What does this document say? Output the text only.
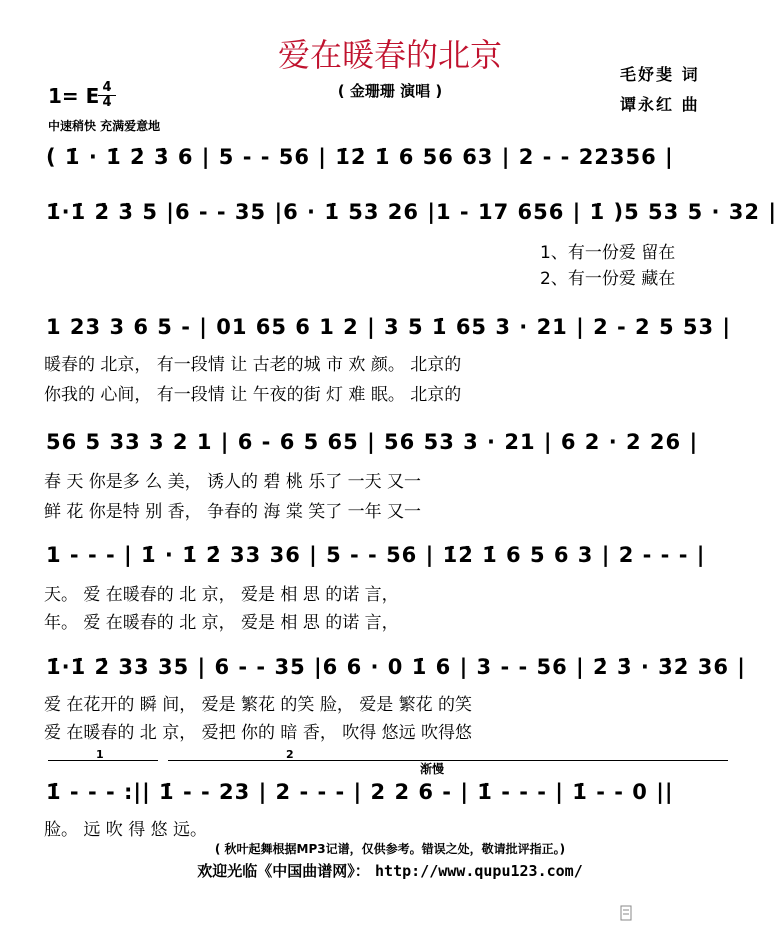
爱在暖春的北京
( 金珊珊 演唱 )
毛妤斐 词
谭永红 曲
1= E 4
4
中速稍快 充满爱意地
( 1̇ · 1̇ 2̇ 3̇ 6 | 5 - - 56 | 1̇2̇ 1̇ 6 56 63 | 2 - - 22356 |
1̇·1̇ 2̇ 3̇ 5 |6 - - 35 |6 · 1̇ 53 26 |1 - 17 656 | 1̇ )5 53 5 · 32 |
1、有一份爱 留在
2、有一份爱 藏在
1 23 3 6 5 - | 01 65 6 1 2 | 3 5 1̇ 65 3 · 21 | 2 - 2 5 53 |
暖春的 北京， 有一段情 让 古老的城 市 欢 颜。 北京的
你我的 心间， 有一段情 让 午夜的街 灯 难 眠。 北京的
56 5 33 3 2 1 | 6 - 6 5 65 | 56 53 3 · 21 | 6 2 · 2 26 |
春 天 你是多 么 美， 诱人的 碧 桃 乐了 一天 又一
鲜 花 你是特 别 香， 争春的 海 棠 笑了 一年 又一
1 - - - | 1̇ · 1̇ 2̇ 33 36 | 5 - - 56 | 1̇2̇ 1̇ 6 5 6 3 | 2 - - - |
天。 爱 在暖春的 北 京， 爱是 相 思 的诺 言，
年。 爱 在暖春的 北 京， 爱是 相 思 的诺 言，
1̇·1̇ 2̇ 33 35 | 6 - - 35 |6 6 · 0 1̇ 6 | 3 - - 56 | 2̇ 3̇ · 3̇2̇ 36 |
爱 在花开的 瞬 间， 爱是 繁花 的笑 脸， 爱是 繁花 的笑
爱 在暖春的 北 京， 爱把 你的 暗 香， 吹得 悠远 吹得悠
1	2
渐慢
1̇ - - - :|| 1̇ - - 23 | 2 - - - | 2 2 6 - | 1̇ - - - | 1̇ - - 0 ||
脸。 远 吹 得 悠 远。
( 秋叶起舞根据MP3记谱，仅供参考。错误之处，敬请批评指正。)
欢迎光临《中国曲谱网》： http://www.qupu123.com/
